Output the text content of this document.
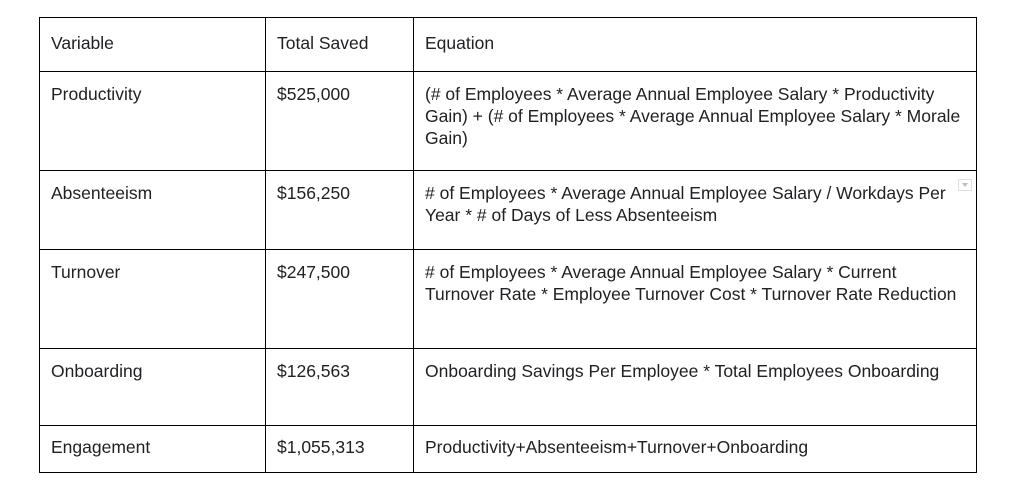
Variable	Total Saved	Equation
Productivity	$525,000	(# of Employees * Average Annual Employee Salary * Productivity Gain) + (# of Employees * Average Annual Employee Salary * Morale Gain)
Absenteeism	$156,250	# of Employees * Average Annual Employee Salary / Workdays Per Year * # of Days of Less Absenteeism

Turnover	$247,500	# of Employees * Average Annual Employee Salary * Current Turnover Rate * Employee Turnover Cost * Turnover Rate Reduction
Onboarding	$126,563	Onboarding Savings Per Employee * Total Employees Onboarding
Engagement	$1,055,313	Productivity+Absenteeism+Turnover+Onboarding
